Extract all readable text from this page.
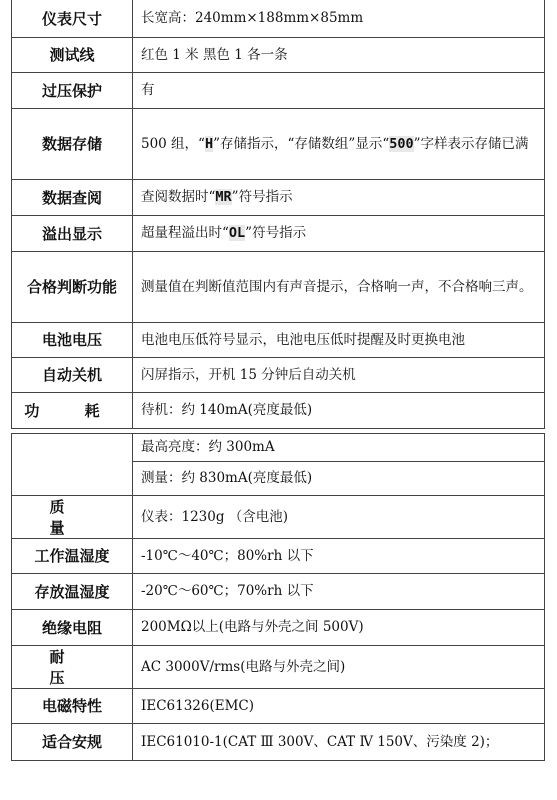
仪表尺寸	长宽高：240mm×188mm×85mm
测试线	红色 1 米 黑色 1 各一条
过压保护	有
数据存储	500 组，“H”存储指示，“存储数组”显示“500”字样表示存储已满
数据查阅	查阅数据时“MR”符号指示
溢出显示	超量程溢出时“OL”符号指示
合格判断功能	测量值在判断值范围内有声音提示，合格响一声，不合格响三声。
电池电压	电池电压低符号显示，电池电压低时提醒及时更换电池
自动关机	闪屏指示，开机 15 分钟后自动关机
功 耗	待机：约 140mA(亮度最低)

	最高亮度：约 300mA
	测量：约 830mA(亮度最低)
质 量	仪表：1230g （含电池)
工作温湿度	-10℃～40℃；80%rh 以下
存放温湿度	-20℃～60℃；70%rh 以下
绝缘电阻	200MΩ以上(电路与外壳之间 500V)
耐 压	AC 3000V/rms(电路与外壳之间)
电磁特性	IEC61326(EMC)
适合安规	IEC61010-1(CAT Ⅲ 300V、CAT Ⅳ 150V、污染度 2)；
